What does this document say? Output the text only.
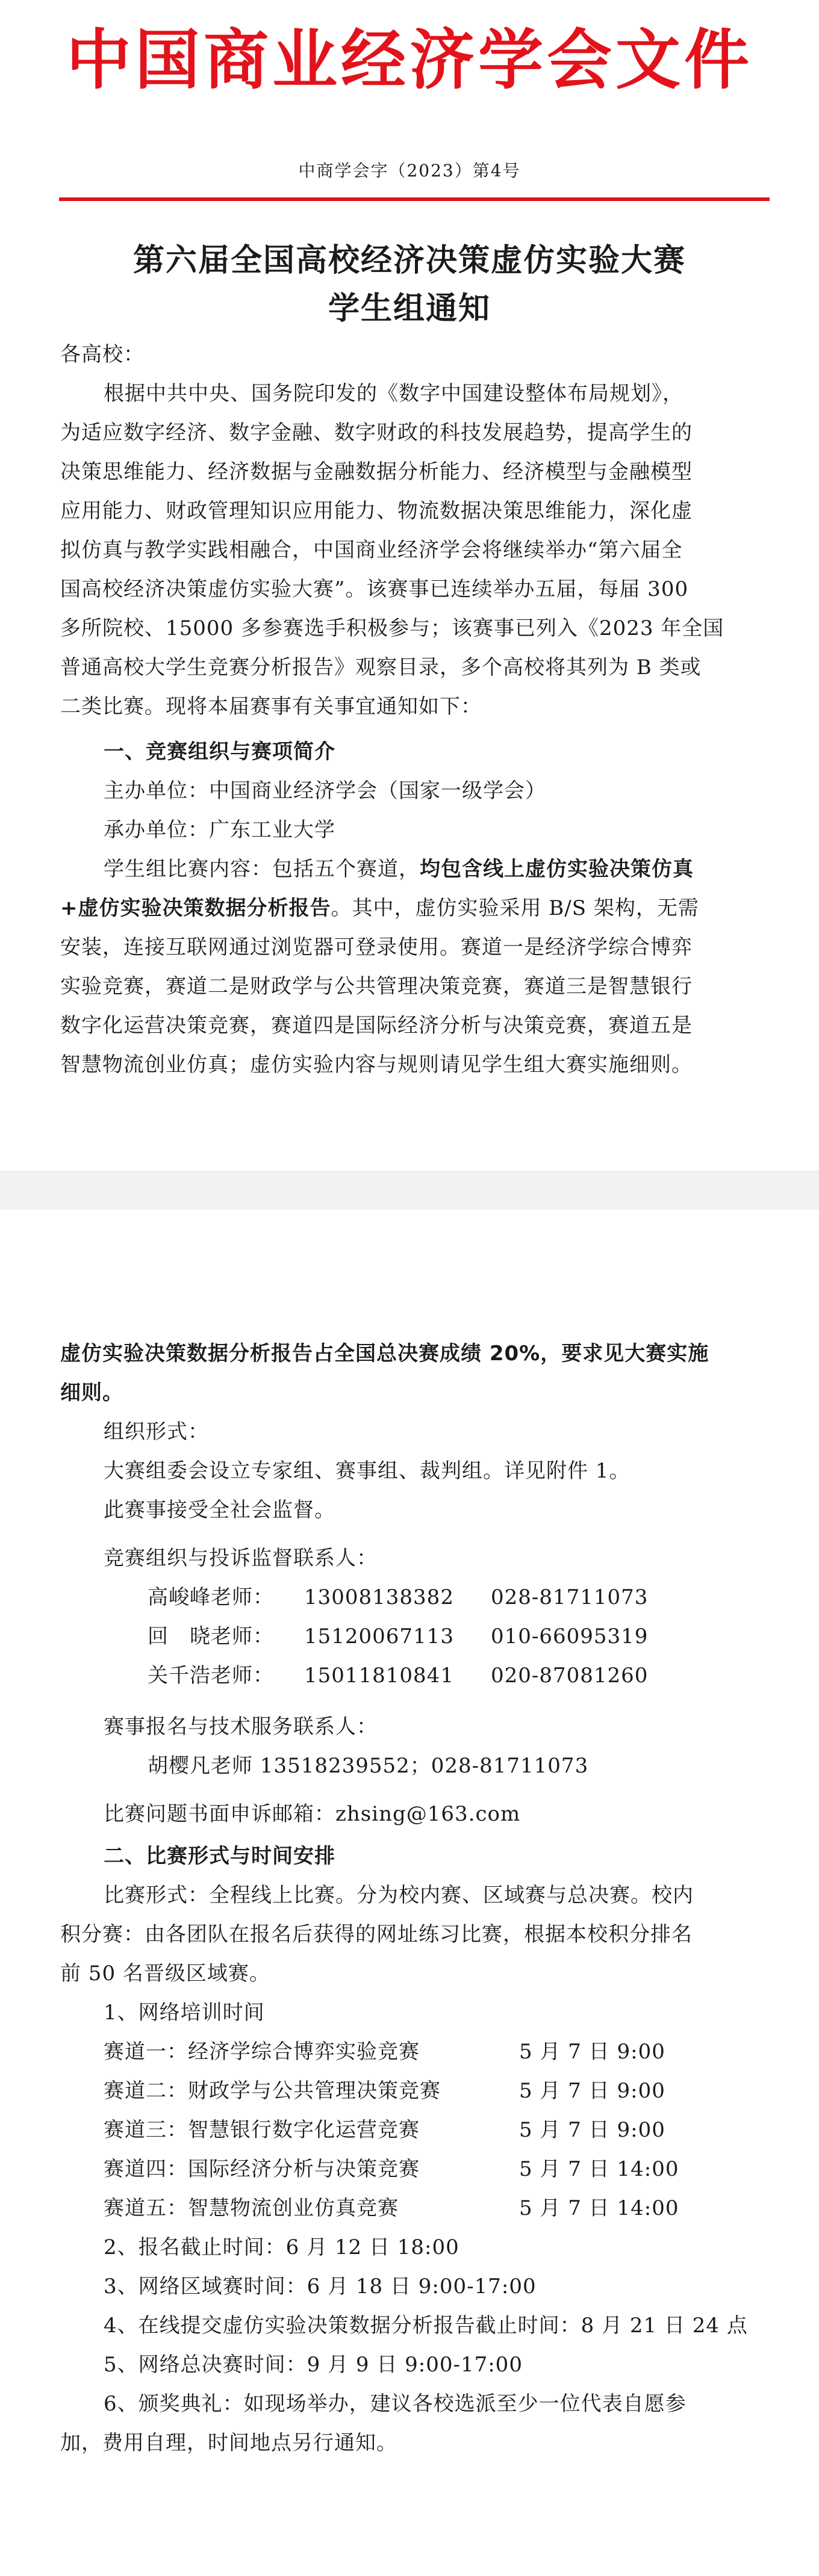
中国商业经济学会文件
中商学会字（2023）第4号
第六届全国高校经济决策虚仿实验大赛
学生组通知
各高校：
根据中共中央、国务院印发的《数字中国建设整体布局规划》，
为适应数字经济、数字金融、数字财政的科技发展趋势，提高学生的
决策思维能力、经济数据与金融数据分析能力、经济模型与金融模型
应用能力、财政管理知识应用能力、物流数据决策思维能力，深化虚
拟仿真与教学实践相融合，中国商业经济学会将继续举办“第六届全
国高校经济决策虚仿实验大赛”。该赛事已连续举办五届，每届 300
多所院校、15000 多参赛选手积极参与；该赛事已列入《2023 年全国
普通高校大学生竞赛分析报告》观察目录，多个高校将其列为 B 类或
二类比赛。现将本届赛事有关事宜通知如下：
一、竞赛组织与赛项简介
主办单位：中国商业经济学会（国家一级学会）
承办单位：广东工业大学
学生组比赛内容：包括五个赛道，均包含线上虚仿实验决策仿真
+虚仿实验决策数据分析报告。其中，虚仿实验采用 B/S 架构，无需
安装，连接互联网通过浏览器可登录使用。赛道一是经济学综合博弈
实验竞赛，赛道二是财政学与公共管理决策竞赛，赛道三是智慧银行
数字化运营决策竞赛，赛道四是国际经济分析与决策竞赛，赛道五是
智慧物流创业仿真；虚仿实验内容与规则请见学生组大赛实施细则。
虚仿实验决策数据分析报告占全国总决赛成绩 20%，要求见大赛实施
细则。
组织形式：
大赛组委会设立专家组、赛事组、裁判组。详见附件 1。
此赛事接受全社会监督。
竞赛组织与投诉监督联系人：
高峻峰老师： 13008138382 028-81711073
回　晓老师： 15120067113 010-66095319
关千浩老师： 15011810841 020-87081260
赛事报名与技术服务联系人：
胡樱凡老师 13518239552；028-81711073
比赛问题书面申诉邮箱：zhsing@163.com
二、比赛形式与时间安排
比赛形式：全程线上比赛。分为校内赛、区域赛与总决赛。校内
积分赛：由各团队在报名后获得的网址练习比赛，根据本校积分排名
前 50 名晋级区域赛。
1、网络培训时间
赛道一：经济学综合博弈实验竞赛	5 月 7 日 9:00
赛道二：财政学与公共管理决策竞赛	5 月 7 日 9:00
赛道三：智慧银行数字化运营竞赛	5 月 7 日 9:00
赛道四：国际经济分析与决策竞赛	5 月 7 日 14:00
赛道五：智慧物流创业仿真竞赛	5 月 7 日 14:00
2、报名截止时间：6 月 12 日 18:00
3、网络区域赛时间：6 月 18 日 9:00-17:00
4、在线提交虚仿实验决策数据分析报告截止时间：8 月 21 日 24 点
5、网络总决赛时间：9 月 9 日 9:00-17:00
6、颁奖典礼：如现场举办，建议各校选派至少一位代表自愿参
加，费用自理，时间地点另行通知。
